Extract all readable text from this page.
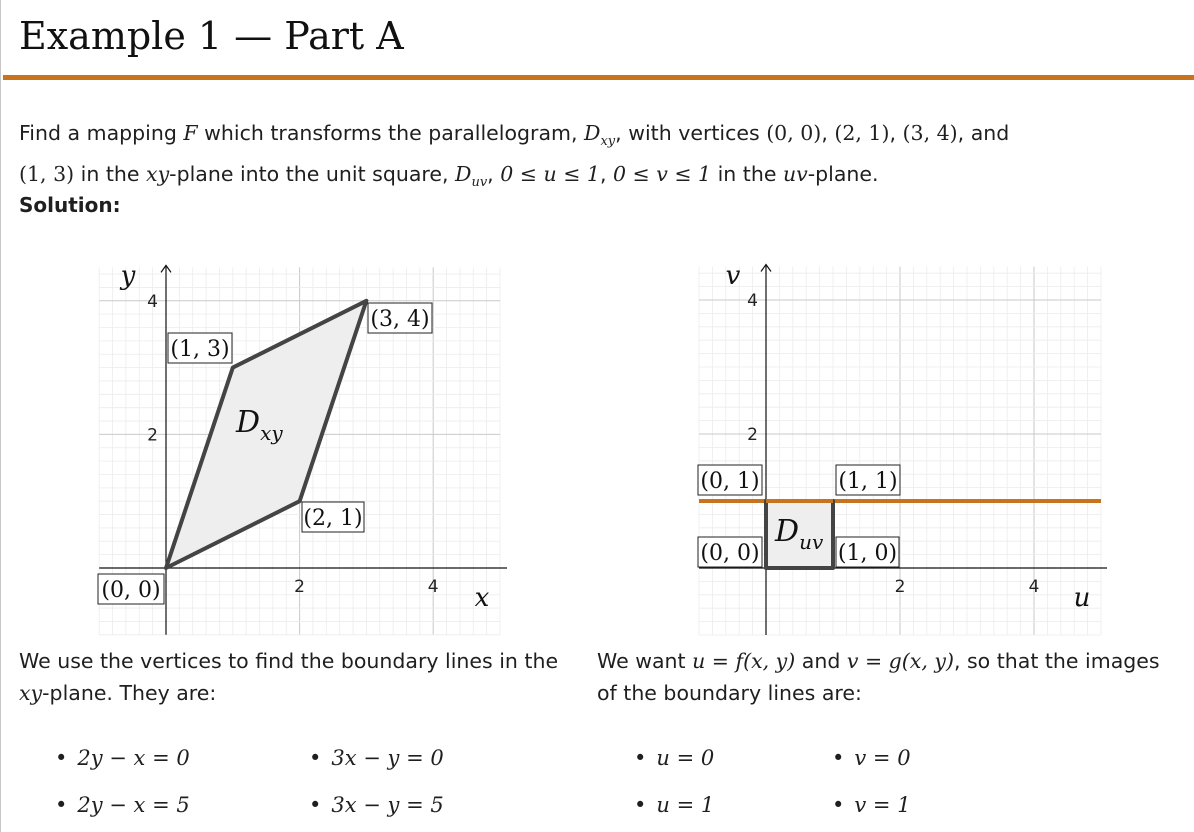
Example 1 — Part A

Find a mapping F which transforms the parallelogram, $D_{xy}$, with vertices (0, 0), (2, 1), (3, 4), and
(1, 3) in the xy-plane into the unit square, $D_{uv}$, 0 ≤ u ≤ 1, 0 ≤ v ≤ 1 in the uv-plane.

Solution:

2	4
2
4
x
y
(0, 0)
(2, 1)
(3, 4)
(1, 3)
$D_{xy}$
2	4
2
4
u
v
(0, 0)	(1, 0)
(1, 1)
(0, 1)
$D_{uv}$

We use the vertices to find the boundary lines in the xy-plane. They are:

We want u = f(x, y) and v = g(x, y), so that the images of the boundary lines are:

• 2y − x = 0
• 2y − x = 5
• 3x − y = 0
• 3x − y = 5
• u = 0
• u = 1
• v = 0
• v = 1
